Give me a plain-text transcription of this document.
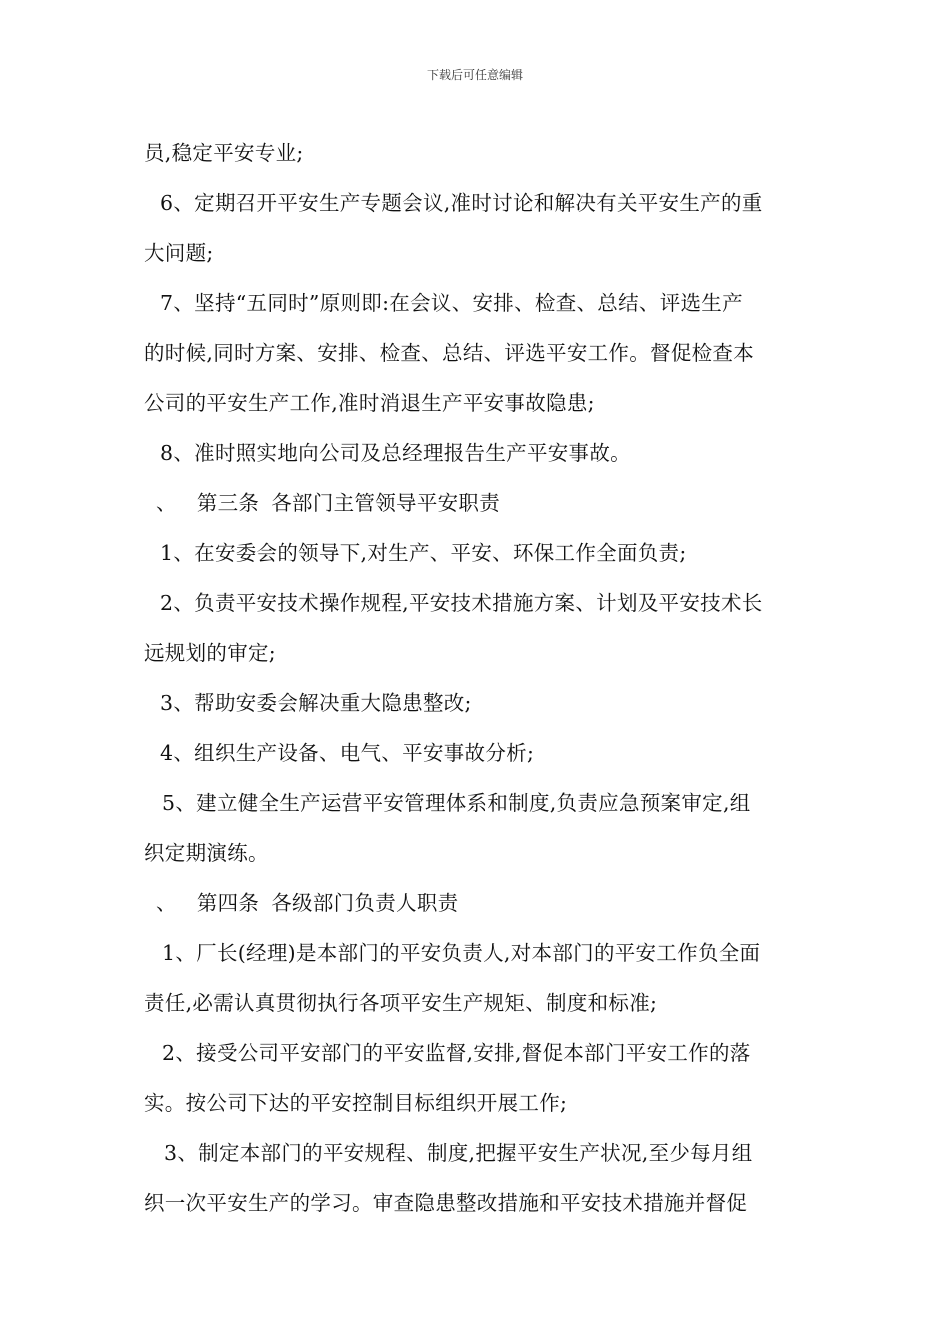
下载后可任意编辑
员,稳定平安专业;
6、定期召开平安生产专题会议,准时讨论和解决有关平安生产的重
大问题;
7、坚持“五同时”原则即:在会议、安排、检查、总结、评选生产
的时候,同时方案、安排、检查、总结、评选平安工作。督促检查本
公司的平安生产工作,准时消退生产平安事故隐患;
8、准时照实地向公司及总经理报告生产平安事故。
、 第三条 各部门主管领导平安职责
1、在安委会的领导下,对生产、平安、环保工作全面负责;
2、负责平安技术操作规程,平安技术措施方案、计划及平安技术长
远规划的审定;
3、帮助安委会解决重大隐患整改;
4、组织生产设备、电气、平安事故分析;
5、建立健全生产运营平安管理体系和制度,负责应急预案审定,组
织定期演练。
、 第四条 各级部门负责人职责
1、厂长(经理)是本部门的平安负责人,对本部门的平安工作负全面
责任,必需认真贯彻执行各项平安生产规矩、制度和标准;
2、接受公司平安部门的平安监督,安排,督促本部门平安工作的落
实。按公司下达的平安控制目标组织开展工作;
3、制定本部门的平安规程、制度,把握平安生产状况,至少每月组
织一次平安生产的学习。审查隐患整改措施和平安技术措施并督促
